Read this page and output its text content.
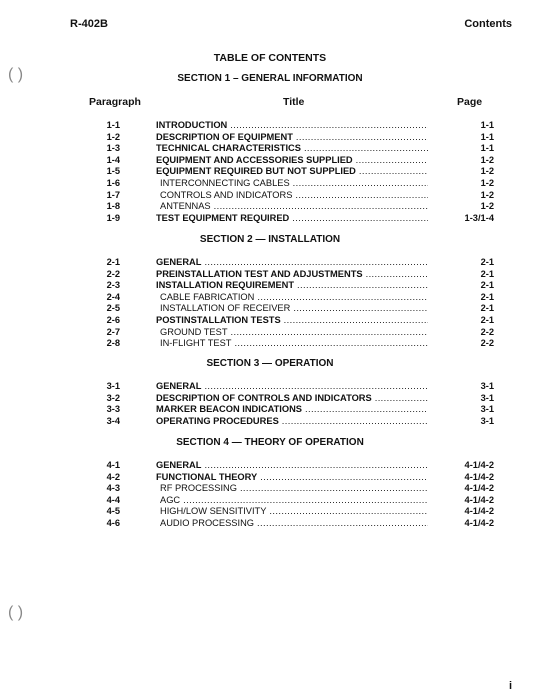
R-402B	Contents
TABLE OF CONTENTS
SECTION 1 – GENERAL INFORMATION
Paragraph	Title	Page
1-1	INTRODUCTION .....	1-1
1-2	DESCRIPTION OF EQUIPMENT .....	1-1
1-3	TECHNICAL CHARACTERISTICS .....	1-1
1-4	EQUIPMENT AND ACCESSORIES SUPPLIED .....	1-2
1-5	EQUIPMENT REQUIRED BUT NOT SUPPLIED .....	1-2
1-6	INTERCONNECTING CABLES .....	1-2
1-7	CONTROLS AND INDICATORS .....	1-2
1-8	ANTENNAS .....	1-2
1-9	TEST EQUIPMENT REQUIRED .....	1-3/1-4
SECTION 2 — INSTALLATION
2-1	GENERAL .....	2-1
2-2	PREINSTALLATION TEST AND ADJUSTMENTS .....	2-1
2-3	INSTALLATION REQUIREMENT .....	2-1
2-4	CABLE FABRICATION .....	2-1
2-5	INSTALLATION OF RECEIVER .....	2-1
2-6	POSTINSTALLATION TESTS .....	2-1
2-7	GROUND TEST .....	2-2
2-8	IN-FLIGHT TEST .....	2-2
SECTION 3 — OPERATION
3-1	GENERAL .....	3-1
3-2	DESCRIPTION OF CONTROLS AND INDICATORS .....	3-1
3-3	MARKER BEACON INDICATIONS .....	3-1
3-4	OPERATING PROCEDURES .....	3-1
SECTION 4 — THEORY OF OPERATION
4-1	GENERAL .....	4-1/4-2
4-2	FUNCTIONAL THEORY .....	4-1/4-2
4-3	RF PROCESSING .....	4-1/4-2
4-4	AGC .....	4-1/4-2
4-5	HIGH/LOW SENSITIVITY .....	4-1/4-2
4-6	AUDIO PROCESSING .....	4-1/4-2
( )
( )
i
